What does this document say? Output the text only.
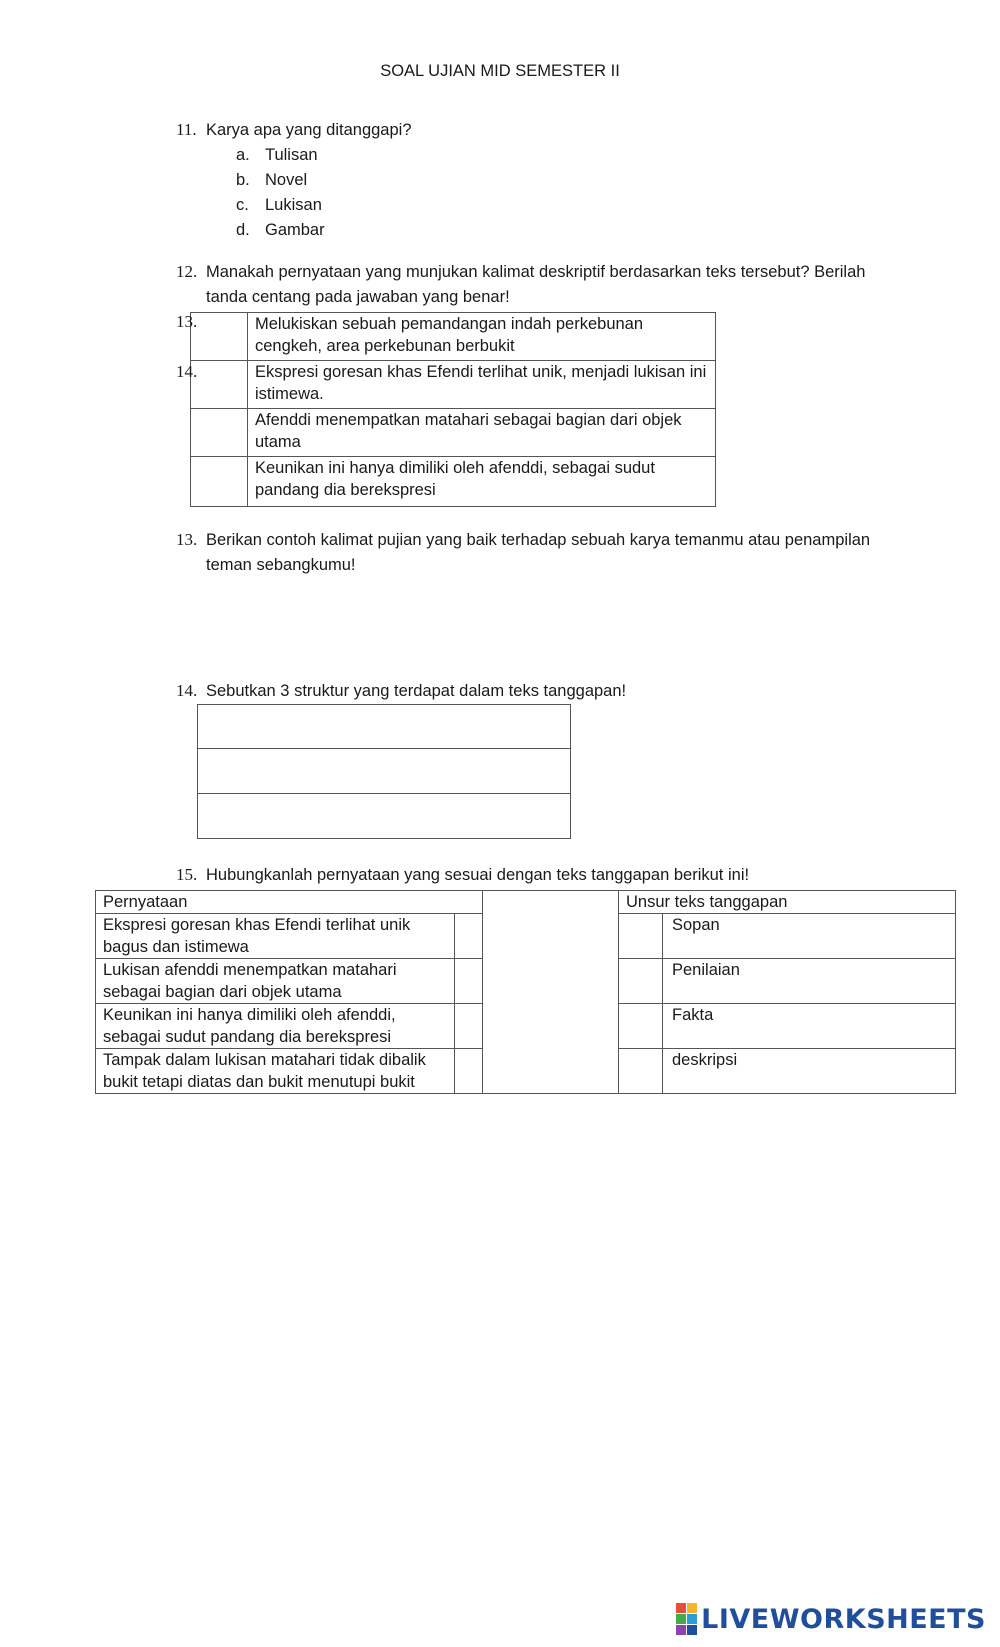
SOAL UJIAN MID SEMESTER II
11. Karya apa yang ditanggapi?
a. Tulisan
b. Novel
c. Lukisan
d. Gambar
12. Manakah pernyataan yang munjukan kalimat deskriptif berdasarkan teks tersebut? Berilah
tanda centang pada jawaban yang benar!

	Melukiskan sebuah pemandangan indah perkebunan
cengkeh, area perkebunan berbukit

	Ekspresi goresan khas Efendi terlihat unik, menjadi lukisan ini
istimewa.

	Afenddi menempatkan matahari sebagai bagian dari objek
utama

	Keunikan ini hanya dimiliki oleh afenddi, sebagai sudut
pandang dia berekspresi
13.
14.
13. Berikan contoh kalimat pujian yang baik terhadap sebuah karya temanmu atau penampilan
teman sebangkumu!
14. Sebutkan 3 struktur yang terdapat dalam teks tanggapan!

15. Hubungkanlah pernyataan yang sesuai dengan teks tanggapan berikut ini!
Pernyataan			Unsur teks tanggapan	

Ekspresi goresan khas Efendi terlihat unik
bagus dan istimewa				Sopan

Lukisan afenddi menempatkan matahari
sebagai bagian dari objek utama				Penilaian

Keunikan ini hanya dimiliki oleh afenddi,
sebagai sudut pandang dia berekspresi				Fakta

Tampak dalam lukisan matahari tidak dibalik
bukit tetapi diatas dan bukit menutupi bukit				deskripsi
LIVEWORKSHEETS
